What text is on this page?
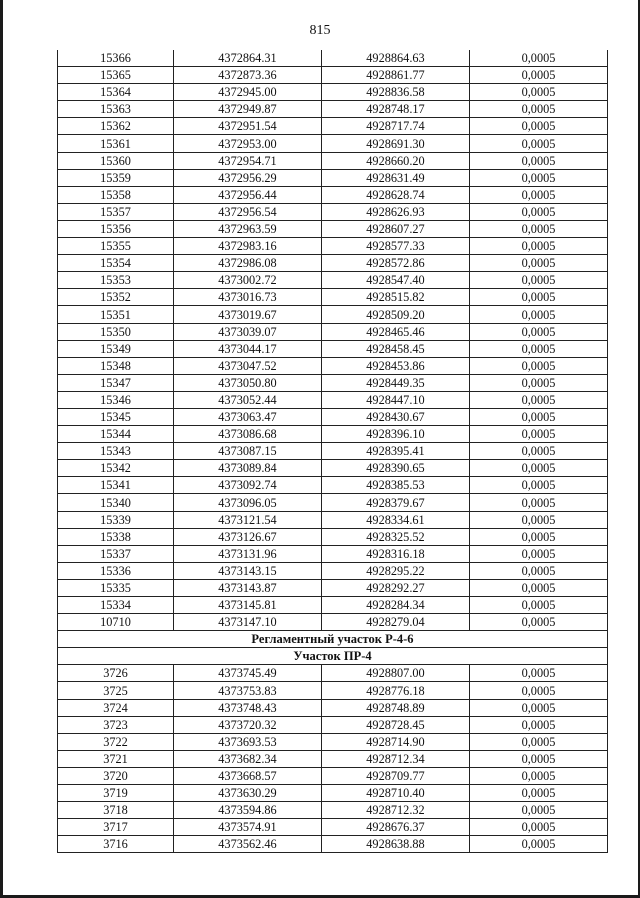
815
15366	4372864.31	4928864.63	0,0005
15365	4372873.36	4928861.77	0,0005
15364	4372945.00	4928836.58	0,0005
15363	4372949.87	4928748.17	0,0005
15362	4372951.54	4928717.74	0,0005
15361	4372953.00	4928691.30	0,0005
15360	4372954.71	4928660.20	0,0005
15359	4372956.29	4928631.49	0,0005
15358	4372956.44	4928628.74	0,0005
15357	4372956.54	4928626.93	0,0005
15356	4372963.59	4928607.27	0,0005
15355	4372983.16	4928577.33	0,0005
15354	4372986.08	4928572.86	0,0005
15353	4373002.72	4928547.40	0,0005
15352	4373016.73	4928515.82	0,0005
15351	4373019.67	4928509.20	0,0005
15350	4373039.07	4928465.46	0,0005
15349	4373044.17	4928458.45	0,0005
15348	4373047.52	4928453.86	0,0005
15347	4373050.80	4928449.35	0,0005
15346	4373052.44	4928447.10	0,0005
15345	4373063.47	4928430.67	0,0005
15344	4373086.68	4928396.10	0,0005
15343	4373087.15	4928395.41	0,0005
15342	4373089.84	4928390.65	0,0005
15341	4373092.74	4928385.53	0,0005
15340	4373096.05	4928379.67	0,0005
15339	4373121.54	4928334.61	0,0005
15338	4373126.67	4928325.52	0,0005
15337	4373131.96	4928316.18	0,0005
15336	4373143.15	4928295.22	0,0005
15335	4373143.87	4928292.27	0,0005
15334	4373145.81	4928284.34	0,0005
10710	4373147.10	4928279.04	0,0005
Регламентный участок Р-4-6			
Участок ПР-4			
3726	4373745.49	4928807.00	0,0005
3725	4373753.83	4928776.18	0,0005
3724	4373748.43	4928748.89	0,0005
3723	4373720.32	4928728.45	0,0005
3722	4373693.53	4928714.90	0,0005
3721	4373682.34	4928712.34	0,0005
3720	4373668.57	4928709.77	0,0005
3719	4373630.29	4928710.40	0,0005
3718	4373594.86	4928712.32	0,0005
3717	4373574.91	4928676.37	0,0005
3716	4373562.46	4928638.88	0,0005
